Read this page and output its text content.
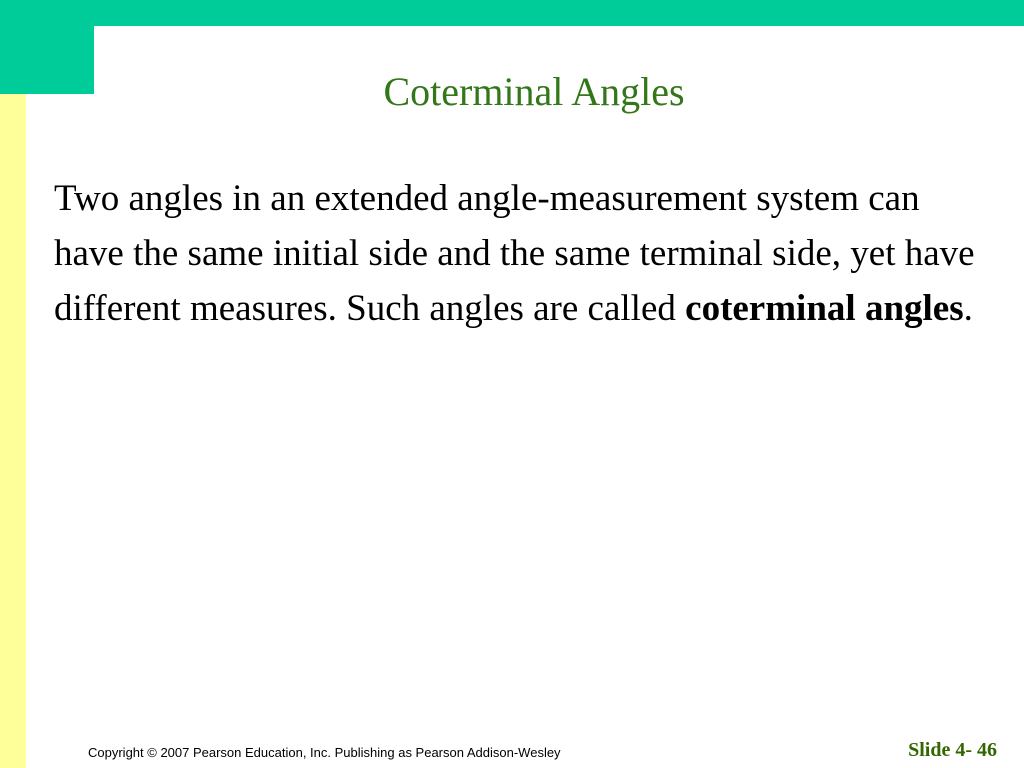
Coterminal Angles

Two angles in an extended angle-measurement system can have the same initial side and the same terminal side, yet have different measures. Such angles are called coterminal angles.

Copyright © 2007 Pearson Education, Inc. Publishing as Pearson Addison-Wesley	Slide 4- 46
